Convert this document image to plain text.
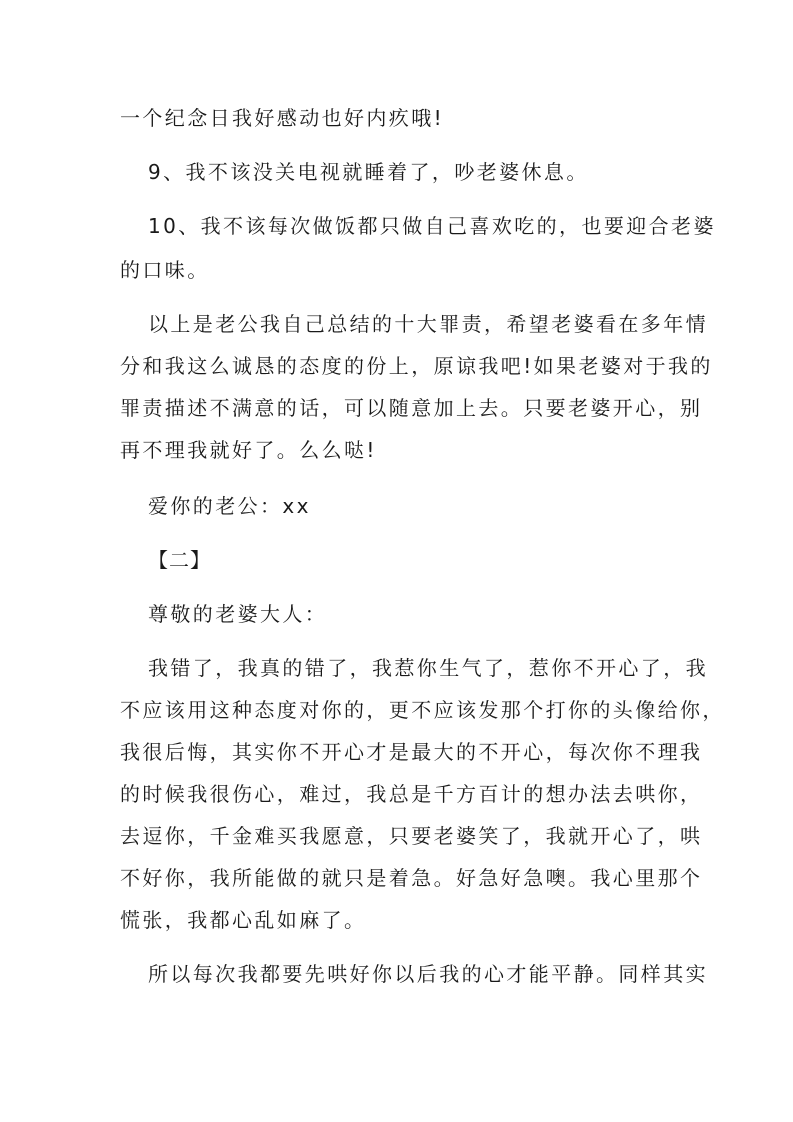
一个纪念日我好感动也好内疚哦!
9、我不该没关电视就睡着了，吵老婆休息。
10、我不该每次做饭都只做自己喜欢吃的，也要迎合老婆
的口味。
以上是老公我自己总结的十大罪责，希望老婆看在多年情
分和我这么诚恳的态度的份上，原谅我吧!如果老婆对于我的
罪责描述不满意的话，可以随意加上去。只要老婆开心，别
再不理我就好了。么么哒!
爱你的老公：xx
【二】
尊敬的老婆大人：
我错了，我真的错了，我惹你生气了，惹你不开心了，我
不应该用这种态度对你的，更不应该发那个打你的头像给你，
我很后悔，其实你不开心才是最大的不开心，每次你不理我
的时候我很伤心，难过，我总是千方百计的想办法去哄你，
去逗你，千金难买我愿意，只要老婆笑了，我就开心了，哄
不好你，我所能做的就只是着急。好急好急噢。我心里那个
慌张，我都心乱如麻了。
所以每次我都要先哄好你以后我的心才能平静。同样其实
